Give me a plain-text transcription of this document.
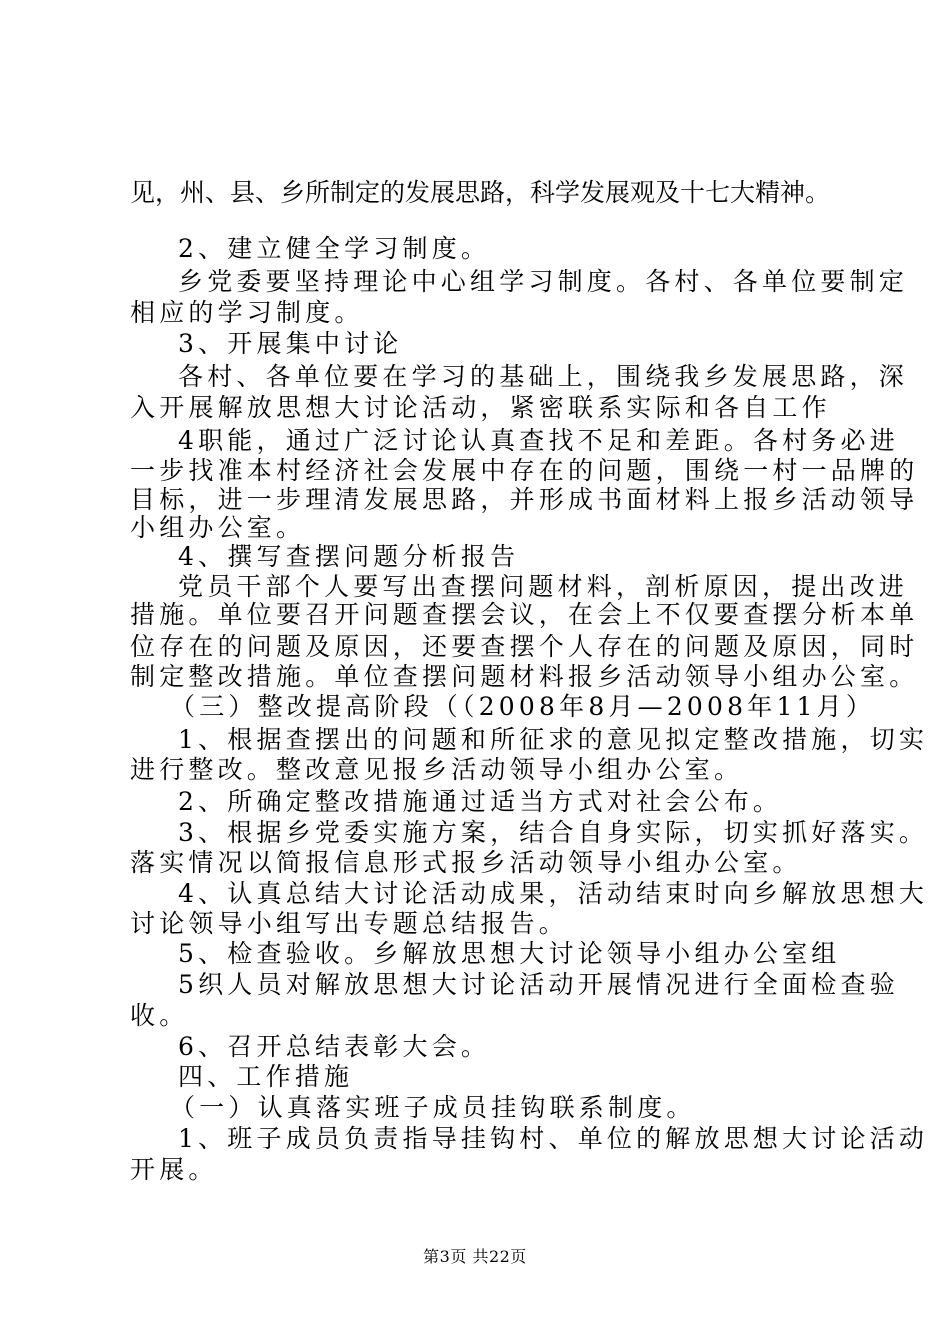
见，州、县、乡所制定的发展思路，科学发展观及十七大精神。
2、建立健全学习制度。
乡党委要坚持理论中心组学习制度。各村、各单位要制定
相应的学习制度。
3、开展集中讨论
各村、各单位要在学习的基础上，围绕我乡发展思路，深
入开展解放思想大讨论活动，紧密联系实际和各自工作
4职能，通过广泛讨论认真查找不足和差距。各村务必进
一步找准本村经济社会发展中存在的问题，围绕一村一品牌的
目标，进一步理清发展思路，并形成书面材料上报乡活动领导
小组办公室。
4、撰写查摆问题分析报告
党员干部个人要写出查摆问题材料，剖析原因，提出改进
措施。单位要召开问题查摆会议，在会上不仅要查摆分析本单
位存在的问题及原因，还要查摆个人存在的问题及原因，同时
制定整改措施。单位查摆问题材料报乡活动领导小组办公室。
（三）整改提高阶段（（2008年8月—2008年11月）
1、根据查摆出的问题和所征求的意见拟定整改措施，切实
进行整改。整改意见报乡活动领导小组办公室。
2、所确定整改措施通过适当方式对社会公布。
3、根据乡党委实施方案，结合自身实际，切实抓好落实。
落实情况以简报信息形式报乡活动领导小组办公室。
4、认真总结大讨论活动成果，活动结束时向乡解放思想大
讨论领导小组写出专题总结报告。
5、检查验收。乡解放思想大讨论领导小组办公室组
5织人员对解放思想大讨论活动开展情况进行全面检查验
收。
6、召开总结表彰大会。
四、工作措施
（一）认真落实班子成员挂钩联系制度。
1、班子成员负责指导挂钩村、单位的解放思想大讨论活动
开展。
第3页 共22页
